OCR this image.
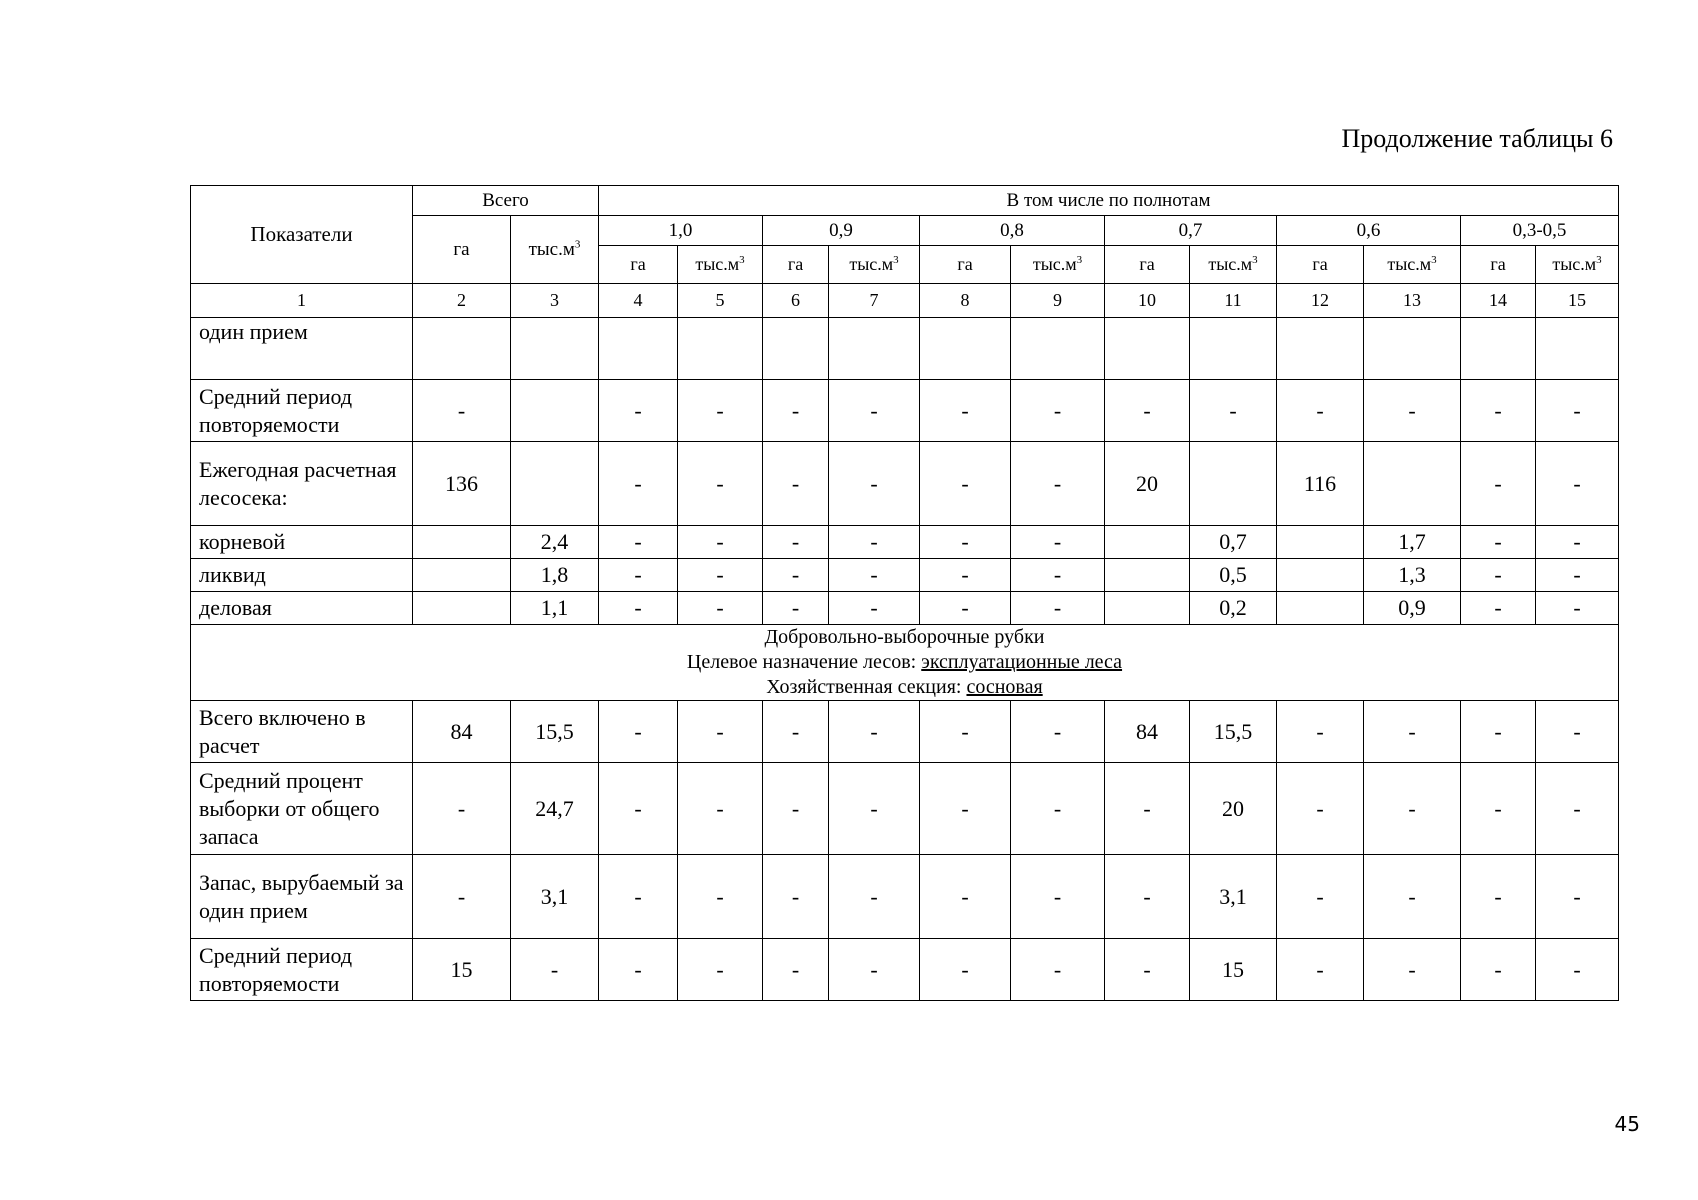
Продолжение таблицы 6
Показатели	Всего		В том числе по полнотам											
	га	$тыс.м^3$	1,0		0,9		0,8		0,7		0,6		0,3-0,5	
			га	$тыс.м^3$	га	$тыс.м^3$	га	$тыс.м^3$	га	$тыс.м^3$	га	$тыс.м^3$	га	$тыс.м^3$
1	2	3	4	5	6	7	8	9	10	11	12	13	14	15
один прием														
Средний период повторяемости	-		-	-	-	-	-	-	-	-	-	-	-	-
Ежегодная расчетная лесосека:	136		-	-	-	-	-	-	20		116		-	-
корневой		2,4	-	-	-	-	-	-		0,7		1,7	-	-
ликвид		1,8	-	-	-	-	-	-		0,5		1,3	-	-
деловая		1,1	-	-	-	-	-	-		0,2		0,9	-	-

Добровольно-выборочные рубки
Целевое назначение лесов: эксплуатационные леса
Хозяйственная секция: сосновая														

Всего включено в расчет	84	15,5	-	-	-	-	-	-	84	15,5	-	-	-	-
Средний процент выборки от общего запаса	-	24,7	-	-	-	-	-	-	-	20	-	-	-	-
Запас, вырубаемый за один прием	-	3,1	-	-	-	-	-	-	-	3,1	-	-	-	-
Средний период повторяемости	15	-	-	-	-	-	-	-	-	15	-	-	-	-
45
